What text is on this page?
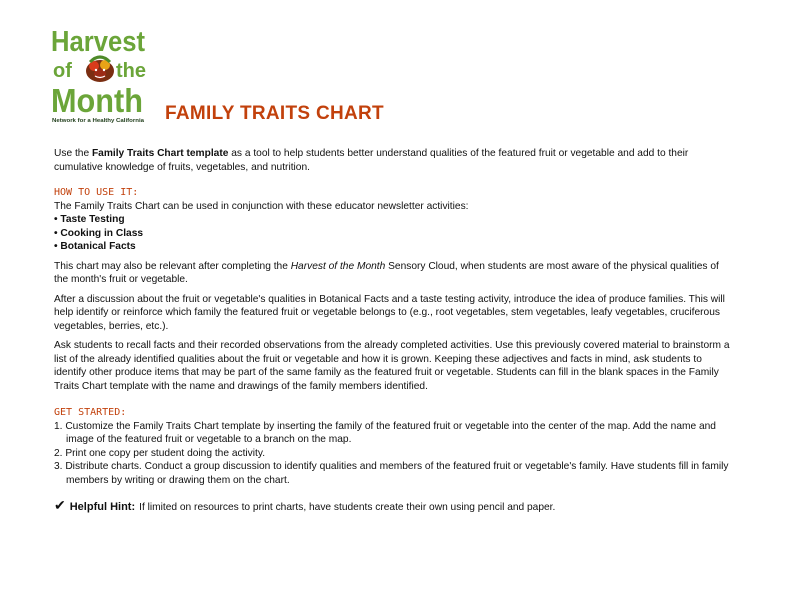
Harvest
of the
Month
Network for a Healthy California FAMILY TRAITS CHART

Use the Family Traits Chart template as a tool to help students better understand qualities of the featured fruit or vegetable and add to their cumulative knowledge of fruits, vegetables, and nutrition.

HOW TO USE IT:
The Family Traits Chart can be used in conjunction with these educator newsletter activities:
• Taste Testing
• Cooking in Class
• Botanical Facts

This chart may also be relevant after completing the Harvest of the Month Sensory Cloud, when students are most aware of the physical qualities of the month's fruit or vegetable.

After a discussion about the fruit or vegetable's qualities in Botanical Facts and a taste testing activity, introduce the idea of produce families. This will help identify or reinforce which family the featured fruit or vegetable belongs to (e.g., root vegetables, stem vegetables, leafy vegetables, cruciferous vegetables, berries, etc.).

Ask students to recall facts and their recorded observations from the already completed activities. Use this previously covered material to brainstorm a list of the already identified qualities about the fruit or vegetable and how it is grown. Keeping these adjectives and facts in mind, ask students to identify other produce items that may be part of the same family as the featured fruit or vegetable. Students can fill in the blank spaces in the Family Traits Chart template with the name and drawings of the family members identified.

GET STARTED:
1. Customize the Family Traits Chart template by inserting the family of the featured fruit or vegetable into the center of the map. Add the name and image of the featured fruit or vegetable to a branch on the map.
2. Print one copy per student doing the activity.
3. Distribute charts. Conduct a group discussion to identify qualities and members of the featured fruit or vegetable's family. Have students fill in family members by writing or drawing them on the chart.
✔ Helpful Hint: If limited on resources to print charts, have students create their own using pencil and paper.
